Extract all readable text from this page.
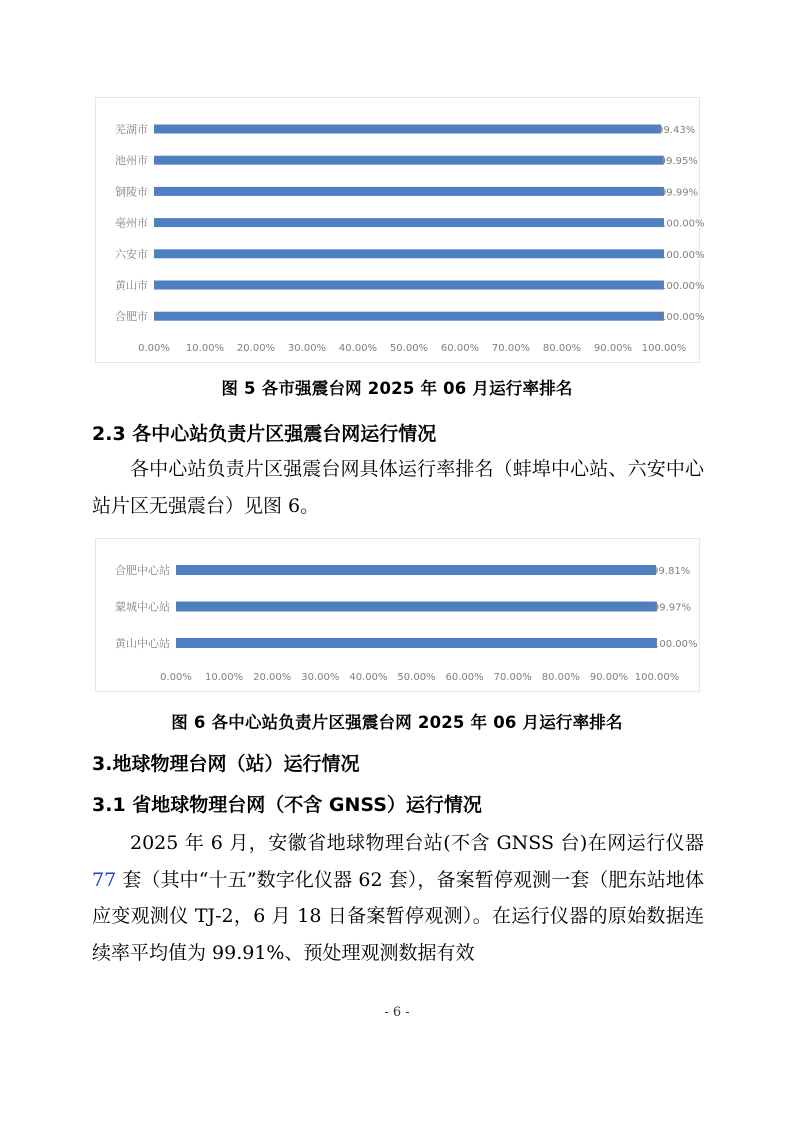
芜湖市	99.43%
池州市	99.95%
铜陵市	99.99%
亳州市	100.00%
六安市	100.00%
黄山市	100.00%
合肥市	100.00%
0.00% 10.00% 20.00% 30.00% 40.00% 50.00% 60.00% 70.00% 80.00% 90.00% 100.00%
图 5 各市强震台网 2025 年 06 月运行率排名
2.3 各中心站负责片区强震台网运行情况

各中心站负责片区强震台网具体运行率排名（蚌埠中心站、六安中心站片区无强震台）见图 6。

合肥中心站	99.81%
蒙城中心站	99.97%
黄山中心站	100.00%
0.00% 10.00% 20.00% 30.00% 40.00% 50.00% 60.00% 70.00% 80.00% 90.00% 100.00%
图 6 各中心站负责片区强震台网 2025 年 06 月运行率排名
3.地球物理台网（站）运行情况
3.1 省地球物理台网（不含 GNSS）运行情况

2025 年 6 月，安徽省地球物理台站(不含 GNSS 台)在网运行仪器 77 套（其中“十五”数字化仪器 62 套），备案暂停观测一套（肥东站地体应变观测仪 TJ-2，6 月 18 日备案暂停观测）。在运行仪器的原始数据连续率平均值为 99.91%、预处理观测数据有效

- 6 -
